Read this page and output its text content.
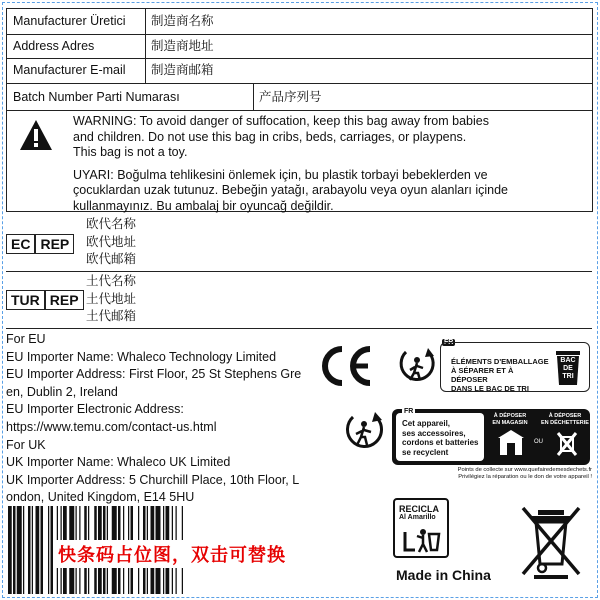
Manufacturer Üretici	制造商名称
Address Adres	制造商地址
Manufacturer E-mail	制造商邮箱
Batch Number Parti Numarası	产品序列号

WARNING: To avoid danger of suffocation, keep this bag away from babies

and children. Do not use this bag in cribs, beds, carriages, or playpens.

This bag is not a toy.

UYARI: Boğulma tehlikesini önlemek için, bu plastik torbayi bebeklerden ve

çocuklardan uzak tutunuz. Bebeğin yatağı, arabayolu veya oyun alanları içinde

kullanmayınız. Bu ambalaj bir oyuncağ değildir.

EC REP
欧代名称
欧代地址
欧代邮箱
TUR REP
土代名称
土代地址
土代邮箱
For EU
EU Importer Name: Whaleco Technology Limited
EU Importer Address: First Floor, 25 St Stephens Green, Dublin 2, Ireland
EU Importer Electronic Address:
https://www.temu.com/contact-us.html
For UK
UK Importer Name: Whaleco UK Limited
UK Importer Address: 5 Churchill Place, 10th Floor, London, United Kingdom, E14 5HU
FR
ÉLÉMENTS D'EMBALLAGE
À SÉPARER ET À DÉPOSER
DANS LE BAC DE TRI
BAC
DE
TRI
FR
Cet appareil,
ses accessoires,
cordons et batteries
se recyclent
À DÉPOSER
EN MAGASIN
À DÉPOSER
EN DÉCHETTERIE
OU
Points de collecte sur www.quefairedemesdechets.fr
Privilégiez la réparation ou le don de votre appareil !
快条码占位图，双击可替换
RECICLA
Al Amarillo
Made in China
